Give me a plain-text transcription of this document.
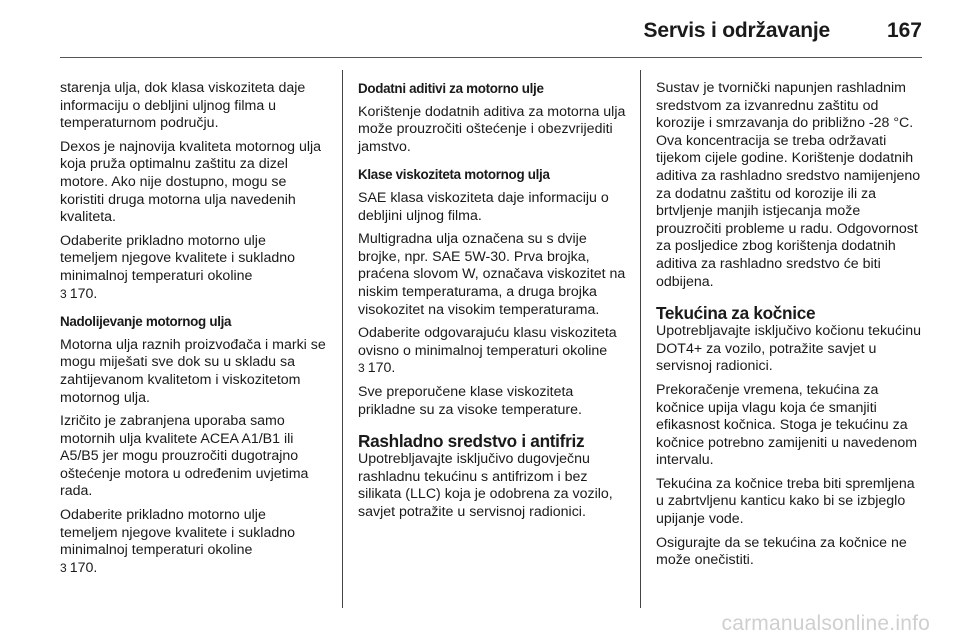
Servis i održavanje	167

starenja ulja, dok klasa viskoziteta daje informaciju o debljini uljnog filma u temperaturnom području.

Dexos je najnovija kvaliteta motornog ulja koja pruža optimalnu zaštitu za dizel motore. Ako nije dostupno, mogu se koristiti druga motorna ulja navedenih kvaliteta.

Odaberite prikladno motorno ulje temeljem njegove kvalitete i sukladno minimalnoj temperaturi okoline

3 170.

Nadolijevanje motornog ulja

Motorna ulja raznih proizvođača i marki se mogu miješati sve dok su u skladu sa zahtijevanom kvalitetom i viskozitetom motornog ulja.

Izričito je zabranjena uporaba samo motornih ulja kvalitete ACEA A1/B1 ili A5/B5 jer mogu prouzročiti dugotrajno oštećenje motora u određenim uvjetima rada.

Odaberite prikladno motorno ulje temeljem njegove kvalitete i sukladno minimalnoj temperaturi okoline

3 170.

Dodatni aditivi za motorno ulje

Korištenje dodatnih aditiva za motorna ulja može prouzročiti oštećenje i obezvrijediti jamstvo.

Klase viskoziteta motornog ulja

SAE klasa viskoziteta daje informaciju o debljini uljnog filma.

Multigradna ulja označena su s dvije brojke, npr. SAE 5W-30. Prva brojka, praćena slovom W, označava viskozitet na niskim temperaturama, a druga brojka visokozitet na visokim temperaturama.

Odaberite odgovarajuću klasu viskoziteta ovisno o minimalnoj temperaturi okoline 3 170.

Sve preporučene klase viskoziteta prikladne su za visoke temperature.

Rashladno sredstvo i antifriz

Upotrebljavajte isključivo dugovječnu rashladnu tekućinu s antifrizom i bez silikata (LLC) koja je odobrena za vozilo, savjet potražite u servisnoj radionici.

Sustav je tvornički napunjen rashladnim sredstvom za izvanrednu zaštitu od korozije i smrzavanja do približno -28 °C. Ova koncentracija se treba održavati tijekom cijele godine. Korištenje dodatnih aditiva za rashladno sredstvo namijenjeno za dodatnu zaštitu od korozije ili za brtvljenje manjih istjecanja može prouzročiti probleme u radu. Odgovornost za posljedice zbog korištenja dodatnih aditiva za rashladno sredstvo će biti odbijena.

Tekućina za kočnice

Upotrebljavajte isključivo kočionu tekućinu DOT4+ za vozilo, potražite savjet u servisnoj radionici.

Prekoračenje vremena, tekućina za kočnice upija vlagu koja će smanjiti efikasnost kočnica. Stoga je tekućinu za kočnice potrebno zamijeniti u navedenom intervalu.

Tekućina za kočnice treba biti spremljena u zabrtvljenu kanticu kako bi se izbjeglo upijanje vode.

Osigurajte da se tekućina za kočnice ne može onečistiti.

carmanualsonline.info
